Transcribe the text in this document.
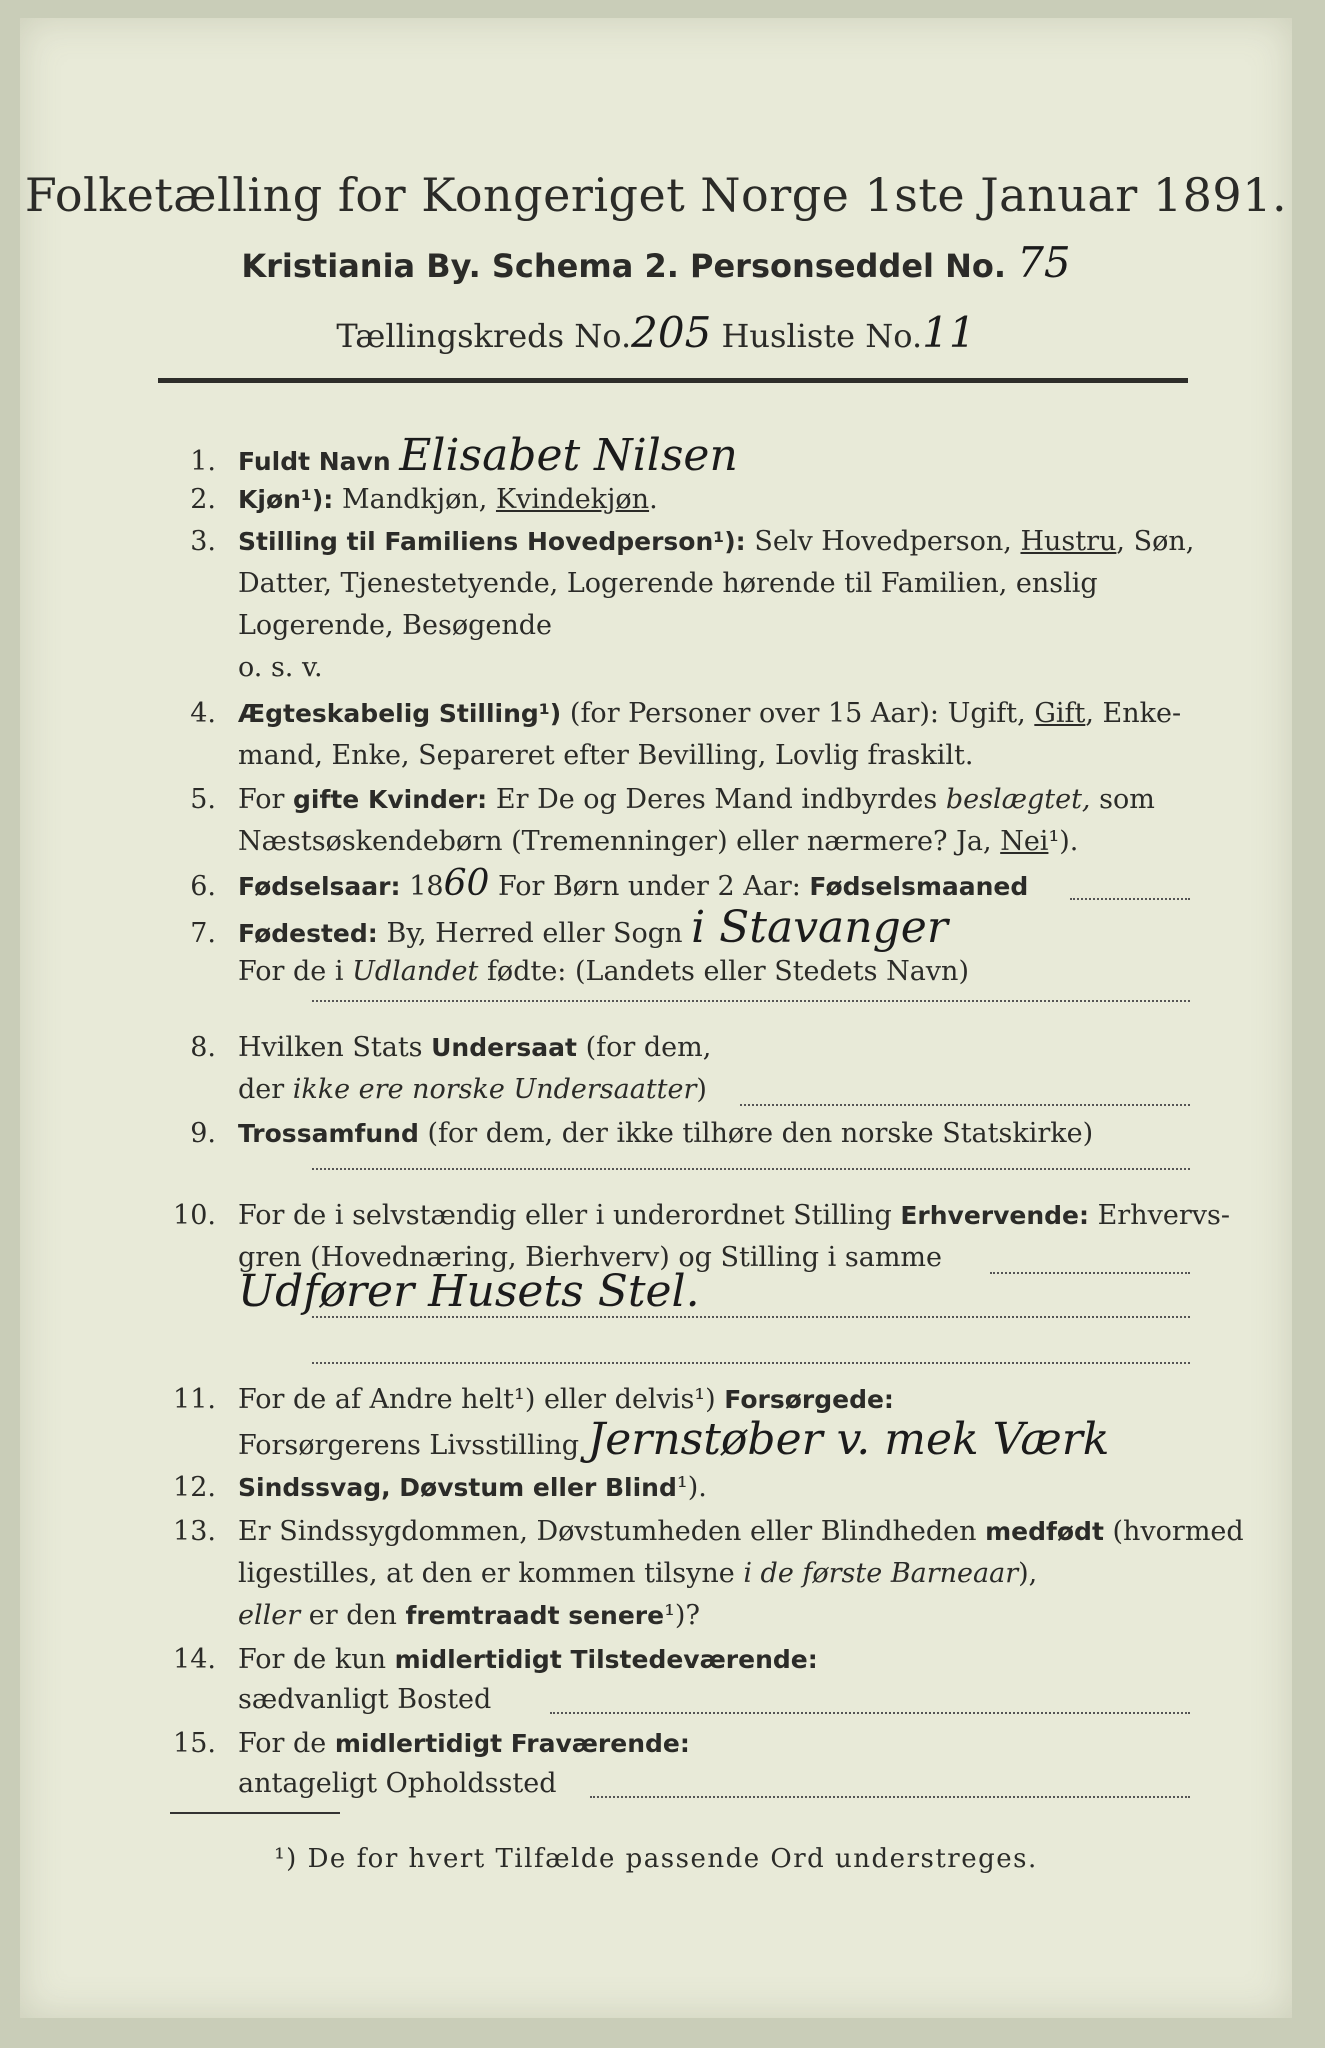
Folketælling for Kongeriget Norge 1ste Januar 1891.
Kristiania By. Schema 2. Personseddel No. 75
Tællingskreds No.205 Husliste No.11
1. Fuldt Navn Elisabet Nilsen
2. Kjøn¹): Mandkjøn, Kvindekjøn.
3. Stilling til Familiens Hovedperson¹): Selv Hovedperson, Hustru, Søn,
Datter, Tjenestetyende, Logerende hørende til Familien, enslig
Logerende, Besøgende
o. s. v.
4. Ægteskabelig Stilling¹) (for Personer over 15 Aar): Ugift, Gift, Enke-
mand, Enke, Separeret efter Bevilling, Lovlig fraskilt.
5. For gifte Kvinder: Er De og Deres Mand indbyrdes beslægtet, som
Næstsøskendebørn (Tremenninger) eller nærmere? Ja, Nei¹).
6. Fødselsaar: 1860 For Børn under 2 Aar: Fødselsmaaned
7. Fødested: By, Herred eller Sogn i Stavanger
For de i Udlandet fødte: (Landets eller Stedets Navn)
8. Hvilken Stats Undersaat (for dem,
der ikke ere norske Undersaatter)
9. Trossamfund (for dem, der ikke tilhøre den norske Statskirke)
10. For de i selvstændig eller i underordnet Stilling Erhvervende: Erhvervs-
gren (Hovednæring, Bierhverv) og Stilling i samme
Udfører Husets Stel.
11. For de af Andre helt¹) eller delvis¹) Forsørgede:
Forsørgerens Livsstilling Jernstøber v. mek Værk
12. Sindssvag, Døvstum eller Blind¹).
13. Er Sindssygdommen, Døvstumheden eller Blindheden medfødt (hvormed
ligestilles, at den er kommen tilsyne i de første Barneaar),
eller er den fremtraadt senere¹)?
14. For de kun midlertidigt Tilstedeværende:
sædvanligt Bosted
15. For de midlertidigt Fraværende:
antageligt Opholdssted
¹) De for hvert Tilfælde passende Ord understreges.
